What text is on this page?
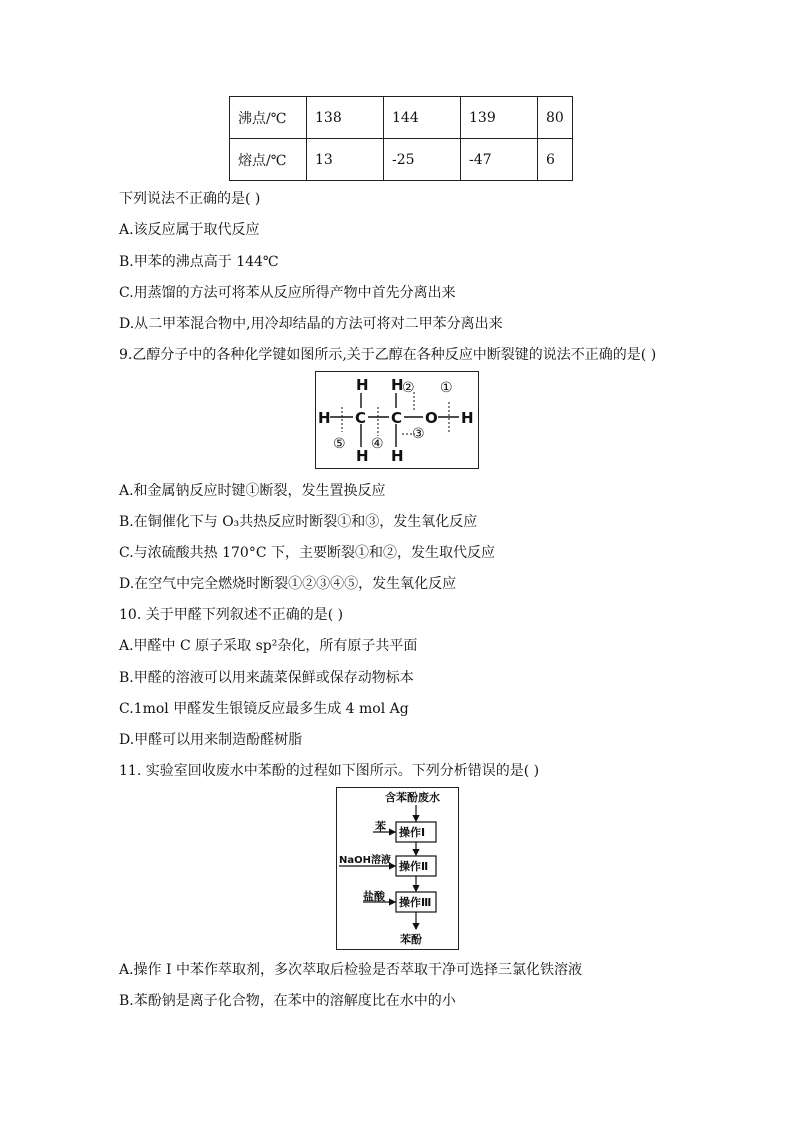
沸点/℃	138	144	139	80
熔点/℃	13	-25	-47	6
下列说法不正确的是( )
A.该反应属于取代反应
B.甲苯的沸点高于 144℃
C.用蒸馏的方法可将苯从反应所得产物中首先分离出来
D.从二甲苯混合物中,用冷却结晶的方法可将对二甲苯分离出来
9.乙醇分子中的各种化学键如图所示,关于乙醇在各种反应中断裂键的说法不正确的是( )
H H
H C C O H
H H
② ①
③
④
⑤
A.和金属钠反应时键①断裂，发生置换反应
B.在铜催化下与 O₃共热反应时断裂①和③，发生氧化反应
C.与浓硫酸共热 170°C 下，主要断裂①和②，发生取代反应
D.在空气中完全燃烧时断裂①②③④⑤，发生氧化反应
10. 关于甲醛下列叙述不正确的是( )
A.甲醛中 C 原子采取 sp²杂化，所有原子共平面
B.甲醛的溶液可以用来蔬菜保鲜或保存动物标本
C.1mol 甲醛发生银镜反应最多生成 4 mol Ag
D.甲醛可以用来制造酚醛树脂
11. 实验室回收废水中苯酚的过程如下图所示。下列分析错误的是( )
含苯酚废水
苯
NaOH溶液
盐酸
苯酚
操作Ⅰ
操作Ⅱ
操作Ⅲ
A.操作 I 中苯作萃取剂，多次萃取后检验是否萃取干净可选择三氯化铁溶液
B.苯酚钠是离子化合物，在苯中的溶解度比在水中的小
